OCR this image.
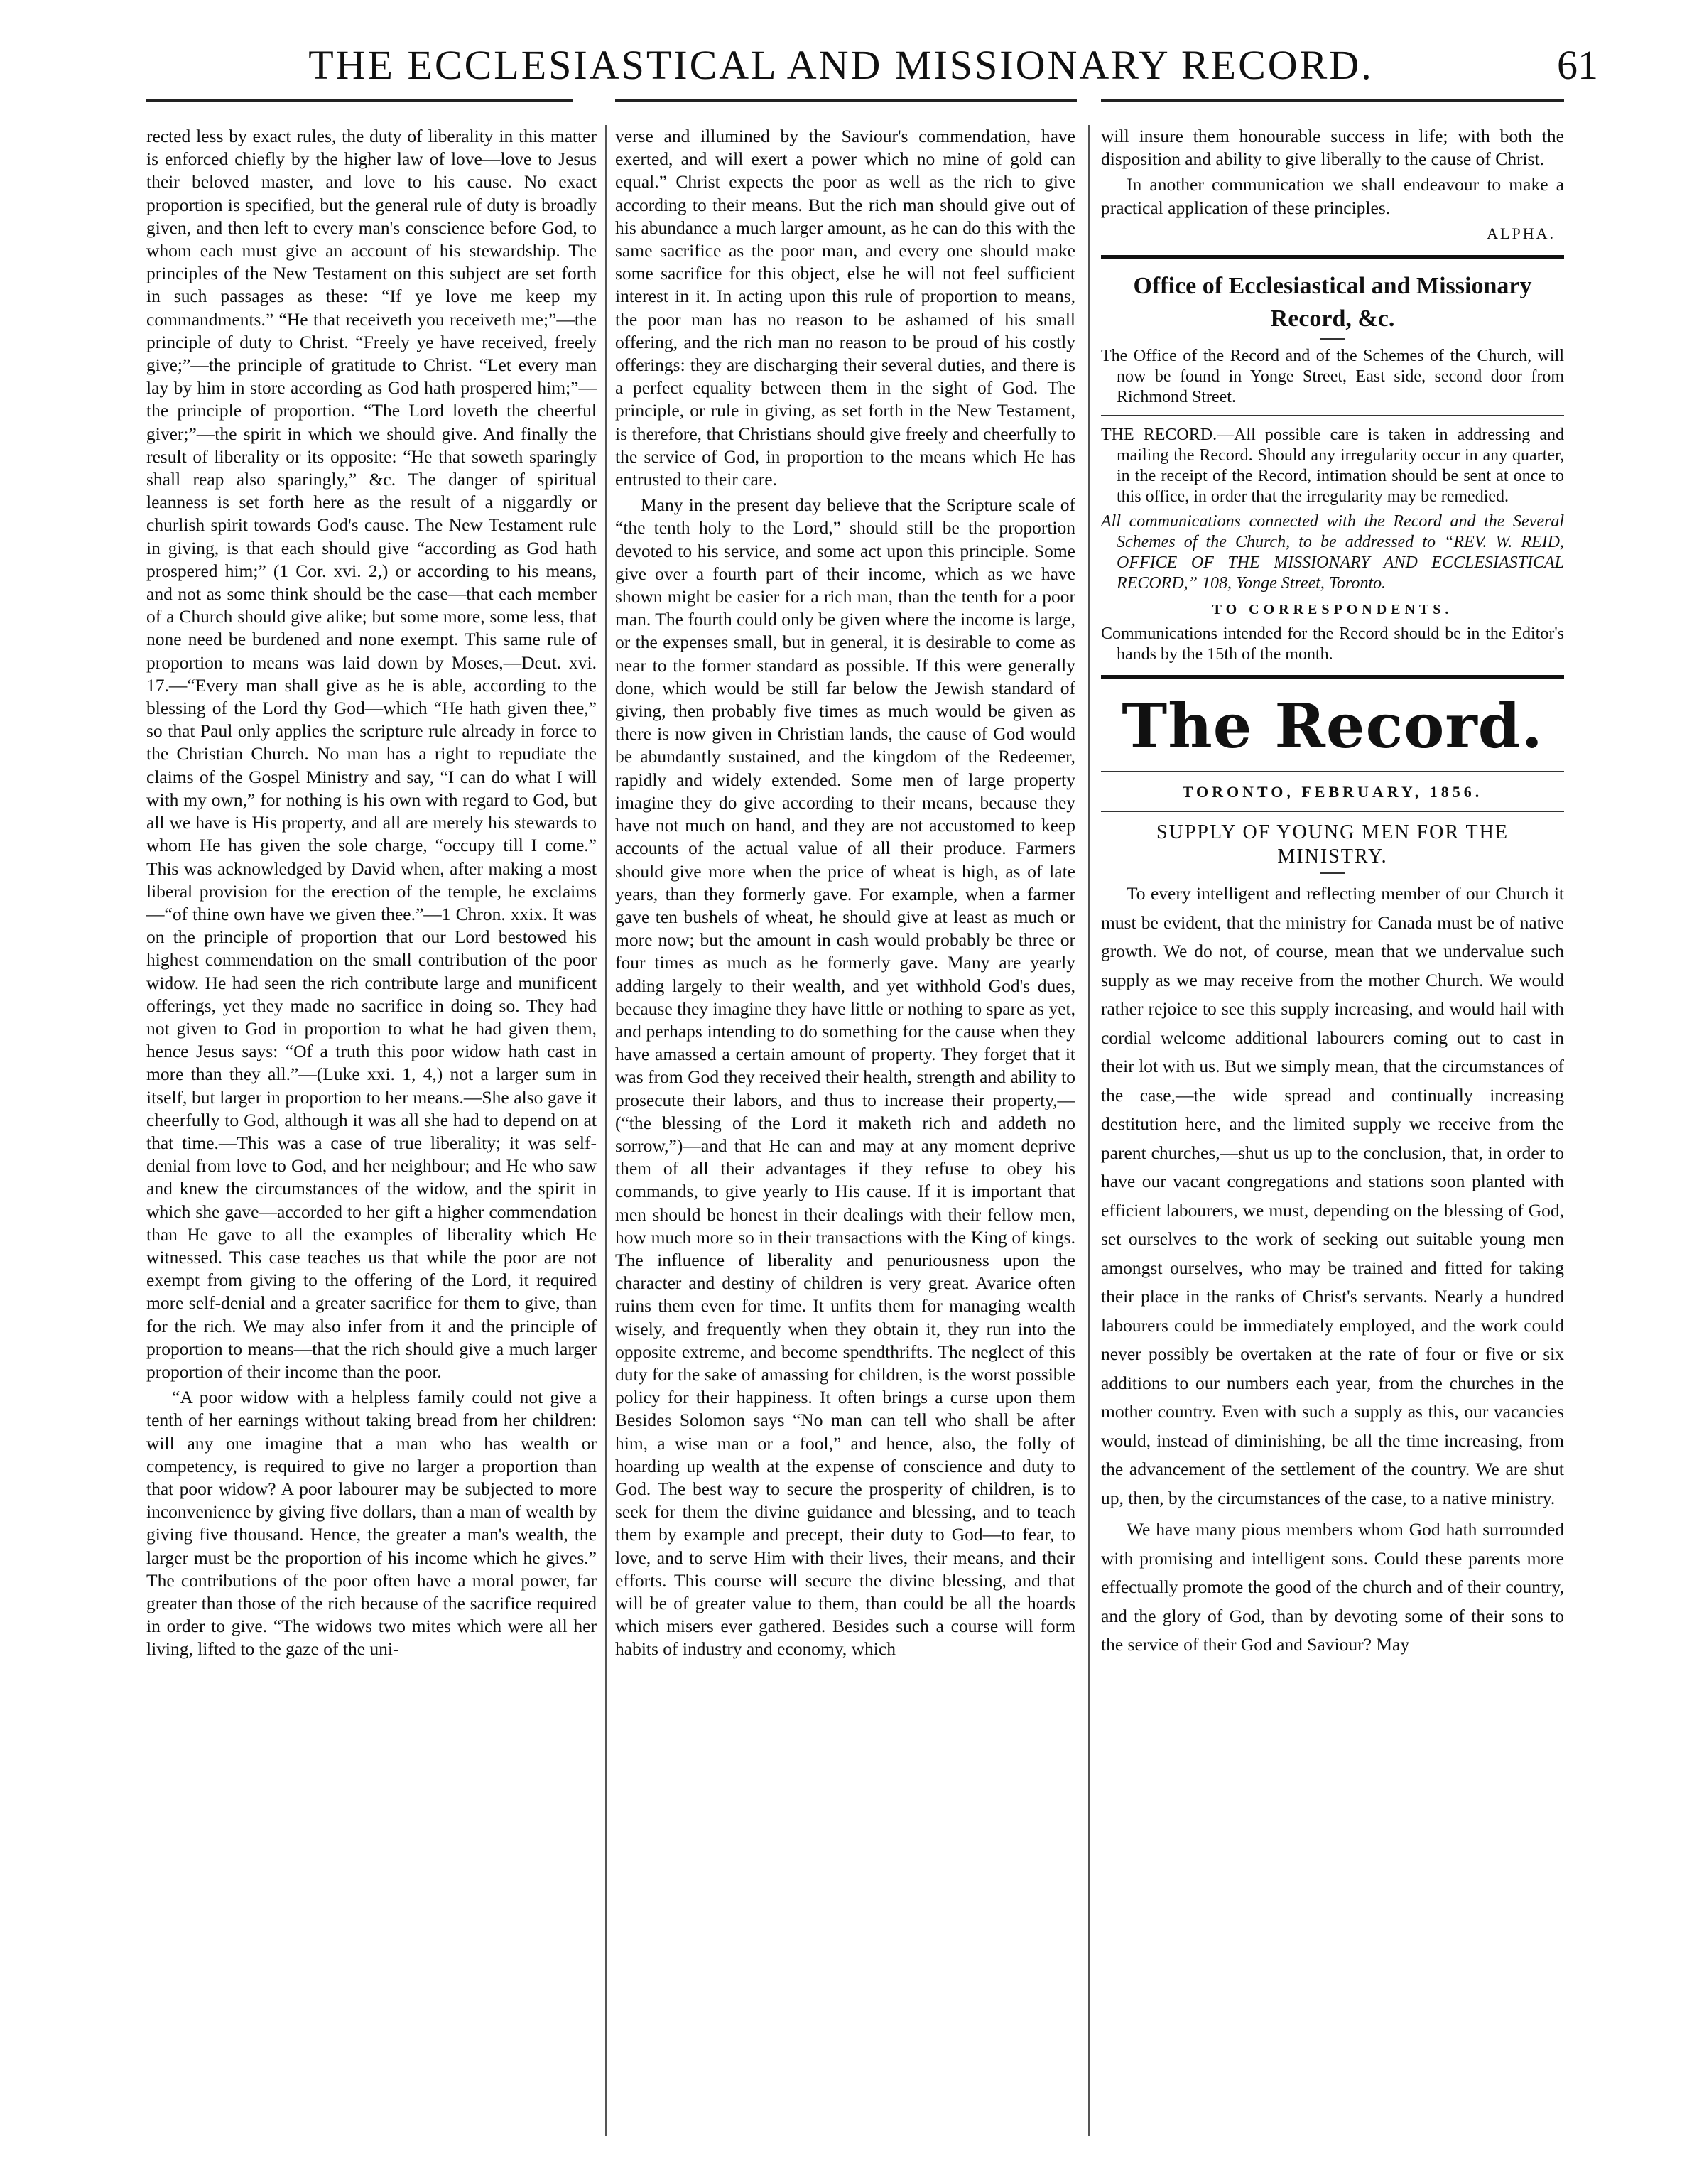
THE ECCLESIASTICAL AND MISSIONARY RECORD.	61

rected less by exact rules, the duty of liberality in this matter is enforced chiefly by the higher law of love—love to Jesus their beloved master, and love to his cause. No exact proportion is specified, but the general rule of duty is broadly given, and then left to every man's conscience before God, to whom each must give an account of his stewardship. The principles of the New Testament on this subject are set forth in such passages as these: “If ye love me keep my commandments.” “He that receiveth you receiveth me;”—the principle of duty to Christ. “Freely ye have received, freely give;”—the principle of gratitude to Christ. “Let every man lay by him in store according as God hath prospered him;”—the principle of proportion. “The Lord loveth the cheerful giver;”—the spirit in which we should give. And finally the result of liberality or its opposite: “He that soweth sparingly shall reap also sparingly,” &c. The danger of spiritual leanness is set forth here as the result of a niggardly or churlish spirit towards God's cause. The New Testament rule in giving, is that each should give “according as God hath prospered him;” (1 Cor. xvi. 2,) or according to his means, and not as some think should be the case—that each member of a Church should give alike; but some more, some less, that none need be burdened and none exempt. This same rule of proportion to means was laid down by Moses,—Deut. xvi. 17.—“Every man shall give as he is able, according to the blessing of the Lord thy God—which “He hath given thee,” so that Paul only applies the scripture rule already in force to the Christian Church. No man has a right to repudiate the claims of the Gospel Ministry and say, “I can do what I will with my own,” for nothing is his own with regard to God, but all we have is His property, and all are merely his stewards to whom He has given the sole charge, “occupy till I come.” This was acknowledged by David when, after making a most liberal provision for the erection of the temple, he exclaims—“of thine own have we given thee.”—1 Chron. xxix. It was on the principle of proportion that our Lord bestowed his highest commendation on the small contribution of the poor widow. He had seen the rich contribute large and munificent offerings, yet they made no sacrifice in doing so. They had not given to God in proportion to what he had given them, hence Jesus says: “Of a truth this poor widow hath cast in more than they all.”—(Luke xxi. 1, 4,) not a larger sum in itself, but larger in proportion to her means.—She also gave it cheerfully to God, although it was all she had to depend on at that time.—This was a case of true liberality; it was self-denial from love to God, and her neighbour; and He who saw and knew the circumstances of the widow, and the spirit in which she gave—accorded to her gift a higher commendation than He gave to all the examples of liberality which He witnessed. This case teaches us that while the poor are not exempt from giving to the offering of the Lord, it required more self-denial and a greater sacrifice for them to give, than for the rich. We may also infer from it and the principle of proportion to means—that the rich should give a much larger proportion of their income than the poor.

“A poor widow with a helpless family could not give a tenth of her earnings without taking bread from her children: will any one imagine that a man who has wealth or competency, is required to give no larger a proportion than that poor widow? A poor labourer may be subjected to more inconvenience by giving five dollars, than a man of wealth by giving five thousand. Hence, the greater a man's wealth, the larger must be the proportion of his income which he gives.” The contributions of the poor often have a moral power, far greater than those of the rich because of the sacrifice required in order to give. “The widows two mites which were all her living, lifted to the gaze of the uni-

verse and illumined by the Saviour's commendation, have exerted, and will exert a power which no mine of gold can equal.” Christ expects the poor as well as the rich to give according to their means. But the rich man should give out of his abundance a much larger amount, as he can do this with the same sacrifice as the poor man, and every one should make some sacrifice for this object, else he will not feel sufficient interest in it. In acting upon this rule of proportion to means, the poor man has no reason to be ashamed of his small offering, and the rich man no reason to be proud of his costly offerings: they are discharging their several duties, and there is a perfect equality between them in the sight of God. The principle, or rule in giving, as set forth in the New Testament, is therefore, that Christians should give freely and cheerfully to the service of God, in proportion to the means which He has entrusted to their care.

Many in the present day believe that the Scripture scale of “the tenth holy to the Lord,” should still be the proportion devoted to his service, and some act upon this principle. Some give over a fourth part of their income, which as we have shown might be easier for a rich man, than the tenth for a poor man. The fourth could only be given where the income is large, or the expenses small, but in general, it is desirable to come as near to the former standard as possible. If this were generally done, which would be still far below the Jewish standard of giving, then probably five times as much would be given as there is now given in Christian lands, the cause of God would be abundantly sustained, and the kingdom of the Redeemer, rapidly and widely extended. Some men of large property imagine they do give according to their means, because they have not much on hand, and they are not accustomed to keep accounts of the actual value of all their produce. Farmers should give more when the price of wheat is high, as of late years, than they formerly gave. For example, when a farmer gave ten bushels of wheat, he should give at least as much or more now; but the amount in cash would probably be three or four times as much as he formerly gave. Many are yearly adding largely to their wealth, and yet withhold God's dues, because they imagine they have little or nothing to spare as yet, and perhaps intending to do something for the cause when they have amassed a certain amount of property. They forget that it was from God they received their health, strength and ability to prosecute their labors, and thus to increase their property,—(“the blessing of the Lord it maketh rich and addeth no sorrow,”)—and that He can and may at any moment deprive them of all their advantages if they refuse to obey his commands, to give yearly to His cause. If it is important that men should be honest in their dealings with their fellow men, how much more so in their transactions with the King of kings. The influence of liberality and penuriousness upon the character and destiny of children is very great. Avarice often ruins them even for time. It unfits them for managing wealth wisely, and frequently when they obtain it, they run into the opposite extreme, and become spendthrifts. The neglect of this duty for the sake of amassing for children, is the worst possible policy for their happiness. It often brings a curse upon them Besides Solomon says “No man can tell who shall be after him, a wise man or a fool,” and hence, also, the folly of hoarding up wealth at the expense of conscience and duty to God. The best way to secure the prosperity of children, is to seek for them the divine guidance and blessing, and to teach them by example and precept, their duty to God—to fear, to love, and to serve Him with their lives, their means, and their efforts. This course will secure the divine blessing, and that will be of greater value to them, than could be all the hoards which misers ever gathered. Besides such a course will form habits of industry and economy, which

will insure them honourable success in life; with both the disposition and ability to give liberally to the cause of Christ.

In another communication we shall endeavour to make a practical application of these principles.

ALPHA.
Office of Ecclesiastical and Missionary Record, &c.
The Office of the Record and of the Schemes of the Church, will now be found in Yonge Street, East side, second door from Richmond Street.
THE RECORD.—All possible care is taken in addressing and mailing the Record. Should any irregularity occur in any quarter, in the receipt of the Record, intimation should be sent at once to this office, in order that the irregularity may be remedied.
All communications connected with the Record and the Several Schemes of the Church, to be addressed to “REV. W. REID, OFFICE OF THE MISSIONARY AND ECCLESIASTICAL RECORD,” 108, Yonge Street, Toronto.
TO CORRESPONDENTS.
Communications intended for the Record should be in the Editor's hands by the 15th of the month.
The Record.
TORONTO, FEBRUARY, 1856.
SUPPLY OF YOUNG MEN FOR THE MINISTRY.

To every intelligent and reflecting member of our Church it must be evident, that the ministry for Canada must be of native growth. We do not, of course, mean that we undervalue such supply as we may receive from the mother Church. We would rather rejoice to see this supply increasing, and would hail with cordial welcome additional labourers coming out to cast in their lot with us. But we simply mean, that the circumstances of the case,—the wide spread and continually increasing destitution here, and the limited supply we receive from the parent churches,—shut us up to the conclusion, that, in order to have our vacant congregations and stations soon planted with efficient labourers, we must, depending on the blessing of God, set ourselves to the work of seeking out suitable young men amongst ourselves, who may be trained and fitted for taking their place in the ranks of Christ's servants. Nearly a hundred labourers could be immediately employed, and the work could never possibly be overtaken at the rate of four or five or six additions to our numbers each year, from the churches in the mother country. Even with such a supply as this, our vacancies would, instead of diminishing, be all the time increasing, from the advancement of the settlement of the country. We are shut up, then, by the circumstances of the case, to a native ministry.

We have many pious members whom God hath surrounded with promising and intelligent sons. Could these parents more effectually promote the good of the church and of their country, and the glory of God, than by devoting some of their sons to the service of their God and Saviour? May
